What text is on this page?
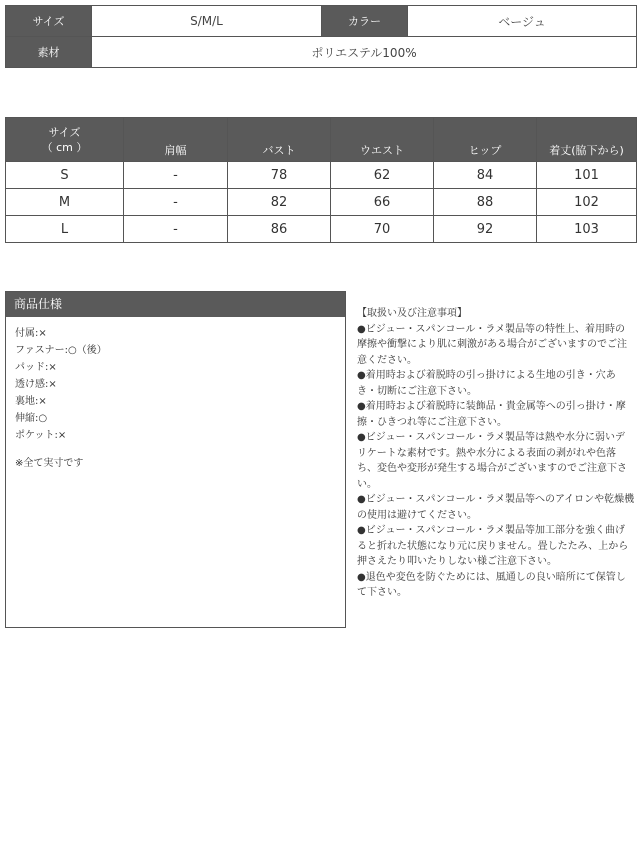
サイズ	S/M/L	カラー	ベージュ
素材	ポリエステル100%		
サイズ
（ cm ）	肩幅	バスト	ウエスト	ヒップ	着丈(脇下から)
S	-	78	62	84	101
M	-	82	66	88	102
L	-	86	70	92	103
商品仕様
付属:×
ファスナー:○（後）
パッド:×
透け感:×
裏地:×
伸縮:○
ポケット:×
※全て実寸です
【取扱い及び注意事項】
●ビジュー・スパンコール・ラメ製品等の特性上、着用時の摩擦や衝撃により肌に刺激がある場合がございますのでご注意ください。
●着用時および着脱時の引っ掛けによる生地の引き・穴あき・切断にご注意下さい。
●着用時および着脱時に装飾品・貴金属等への引っ掛け・摩擦・ひきつれ等にご注意下さい。
●ビジュー・スパンコール・ラメ製品等は熱や水分に弱いデリケートな素材です。熱や水分による表面の剥がれや色落ち、変色や変形が発生する場合がございますのでご注意下さい。
●ビジュー・スパンコール・ラメ製品等へのアイロンや乾燥機の使用は避けてください。
●ビジュー・スパンコール・ラメ製品等加工部分を強く曲げると折れた状態になり元に戻りません。畳したたみ、上から押さえたり叩いたりしない様ご注意下さい。
●退色や変色を防ぐためには、風通しの良い暗所にて保管して下さい。
